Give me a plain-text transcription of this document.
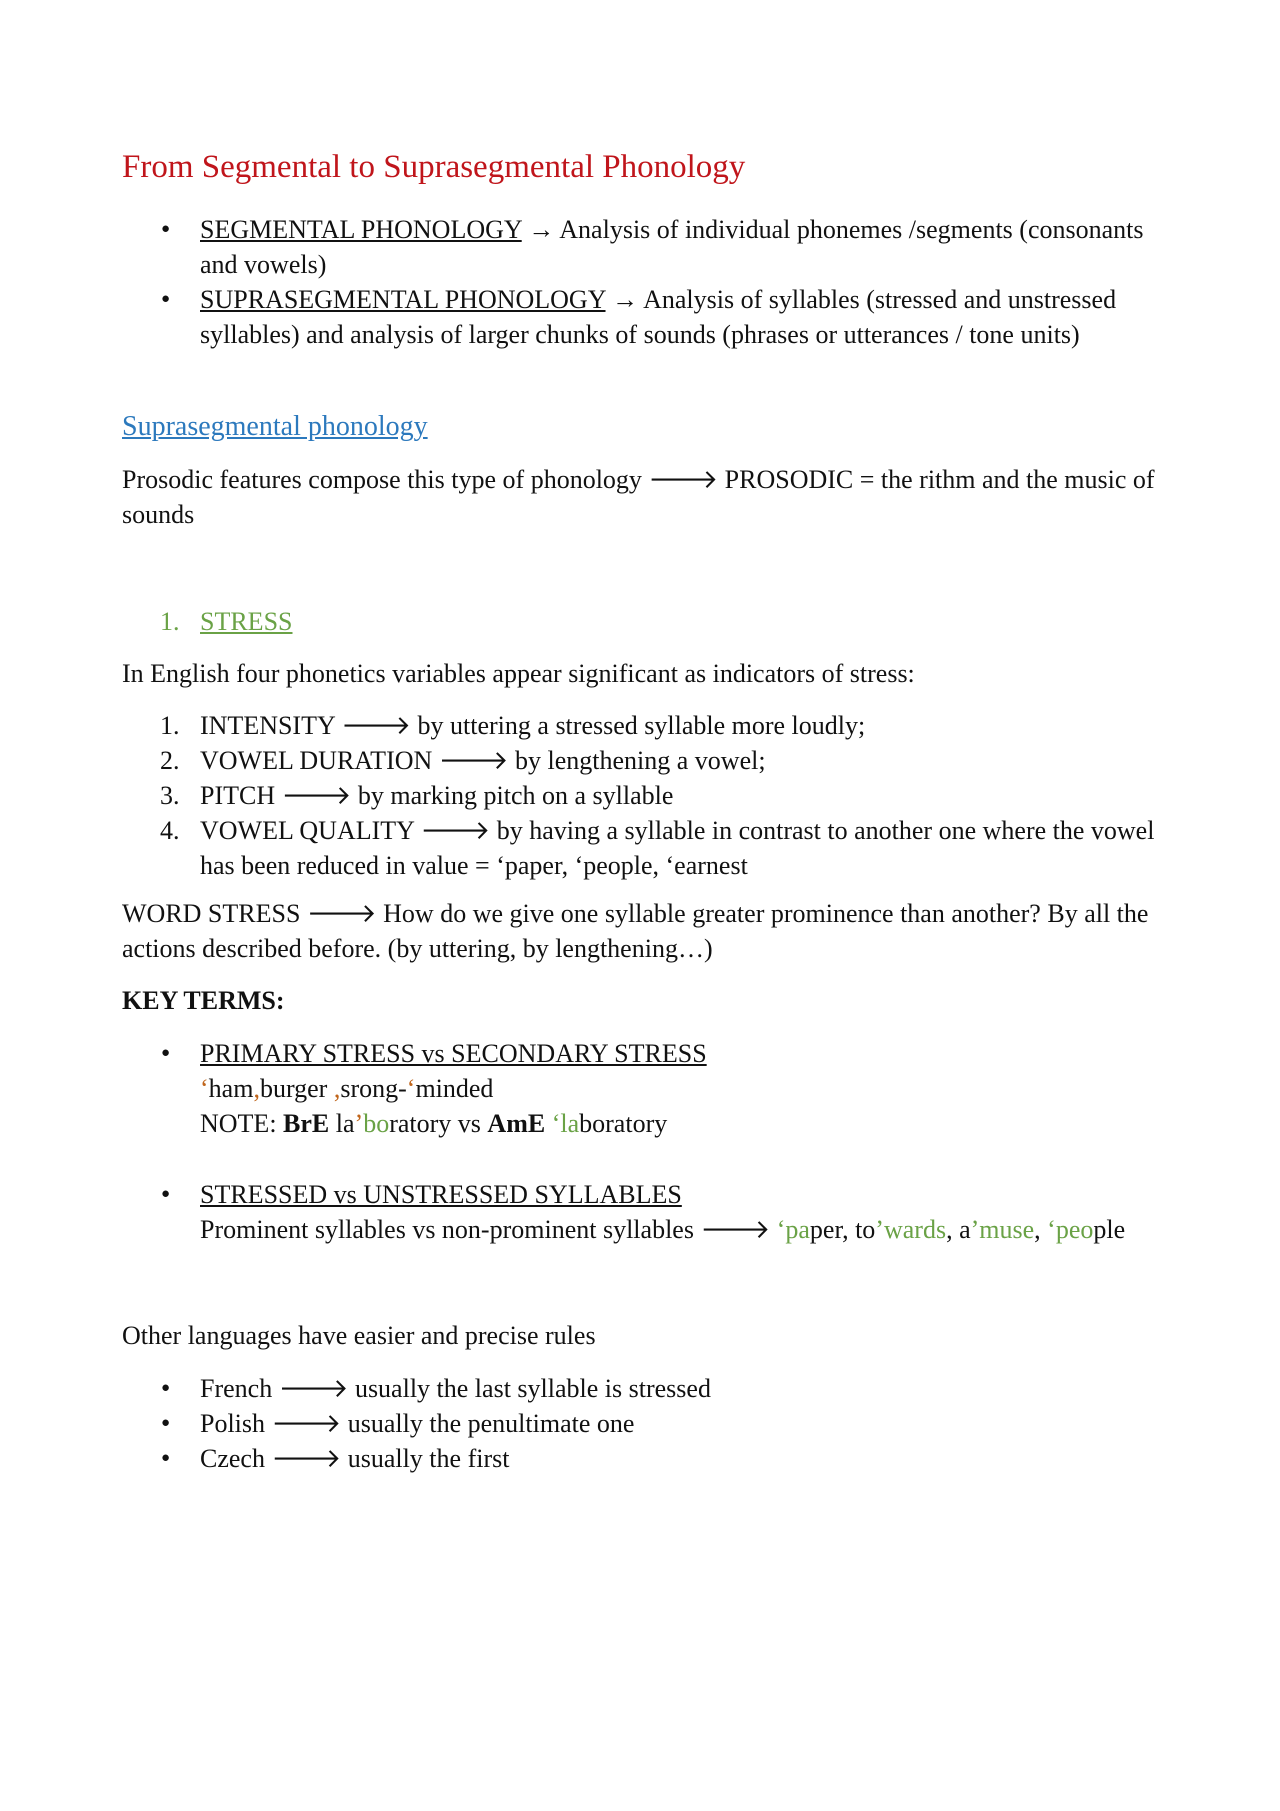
From Segmental to Suprasegmental Phonology
● SEGMENTAL PHONOLOGY → Analysis of individual phonemes /segments (consonants and vowels)
● SUPRASEGMENTAL PHONOLOGY → Analysis of syllables (stressed and unstressed syllables) and analysis of larger chunks of sounds (phrases or utterances / tone units)
Suprasegmental phonology

Prosodic features compose this type of phonology 🡒 PROSODIC = the rithm and the music of sounds

1. STRESS

In English four phonetics variables appear significant as indicators of stress:

1. INTENSITY 🡒 by uttering a stressed syllable more loudly;
2. VOWEL DURATION 🡒 by lengthening a vowel;
3. PITCH 🡒 by marking pitch on a syllable
4. VOWEL QUALITY 🡒 by having a syllable in contrast to another one where the vowel has been reduced in value = ‘paper, ‘people, ‘earnest

WORD STRESS 🡒 How do we give one syllable greater prominence than another? By all the actions described before. (by uttering, by lengthening…)

KEY TERMS:

● PRIMARY STRESS vs SECONDARY STRESS
‘ham,burger ,srong-‘minded
NOTE: BrE la’boratory vs AmE ‘laboratory
● STRESSED vs UNSTRESSED SYLLABLES
Prominent syllables vs non-prominent syllables 🡒 ‘paper, to’wards, a’muse, ‘people

Other languages have easier and precise rules

● French 🡒 usually the last syllable is stressed
● Polish 🡒 usually the penultimate one
● Czech 🡒 usually the first
